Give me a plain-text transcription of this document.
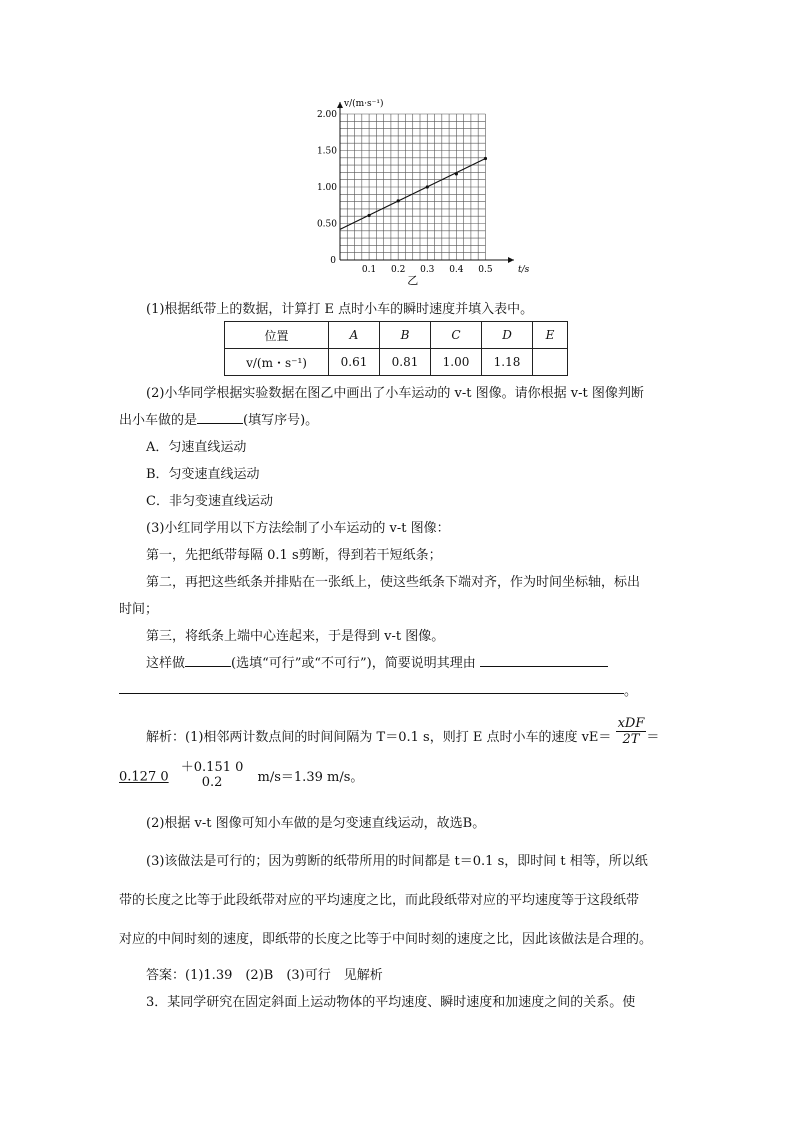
0.1 0.2 0.3 0.4 0.5
0.50
1.00
1.50
2.00
0
t/s
v/(m·s⁻¹)
乙
(1)根据纸带上的数据，计算打 E 点时小车的瞬时速度并填入表中。
位置	A	B	C	D	E
v/(m・s⁻¹)	0.61	0.81	1.00	1.18	
(2)小华同学根据实验数据在图乙中画出了小车运动的 v-t 图像。请你根据 v-t 图像判断
出小车做的是	(填写序号)。
A．匀速直线运动
B．匀变速直线运动
C．非匀变速直线运动
(3)小红同学用以下方法绘制了小车运动的 v-t 图像：
第一，先把纸带每隔 0.1 s剪断，得到若干短纸条；
第二，再把这些纸条并排贴在一张纸上，使这些纸条下端对齐，作为时间坐标轴，标出
时间；
第三，将纸条上端中心连起来，于是得到 v-t 图像。
这样做	(选填“可行”或“不可行”)，简要说明其理由
。
解析：(1)相邻两计数点间的时间间隔为 T＝0.1 s，则打 E 点时小车的速度 $vE= \frac{\text{xDF}}{2T}$ ＝
0.127 0
＋0.151 0
0.2	m/s＝1.39 m/s。
(2)根据 v-t 图像可知小车做的是匀变速直线运动，故选B。
(3)该做法是可行的；因为剪断的纸带所用的时间都是 t＝0.1 s，即时间 t 相等，所以纸
带的长度之比等于此段纸带对应的平均速度之比，而此段纸带对应的平均速度等于这段纸带
对应的中间时刻的速度，即纸带的长度之比等于中间时刻的速度之比，因此该做法是合理的。
答案：(1)1.39　(2)B　(3)可行　见解析
3．某同学研究在固定斜面上运动物体的平均速度、瞬时速度和加速度之间的关系。使
